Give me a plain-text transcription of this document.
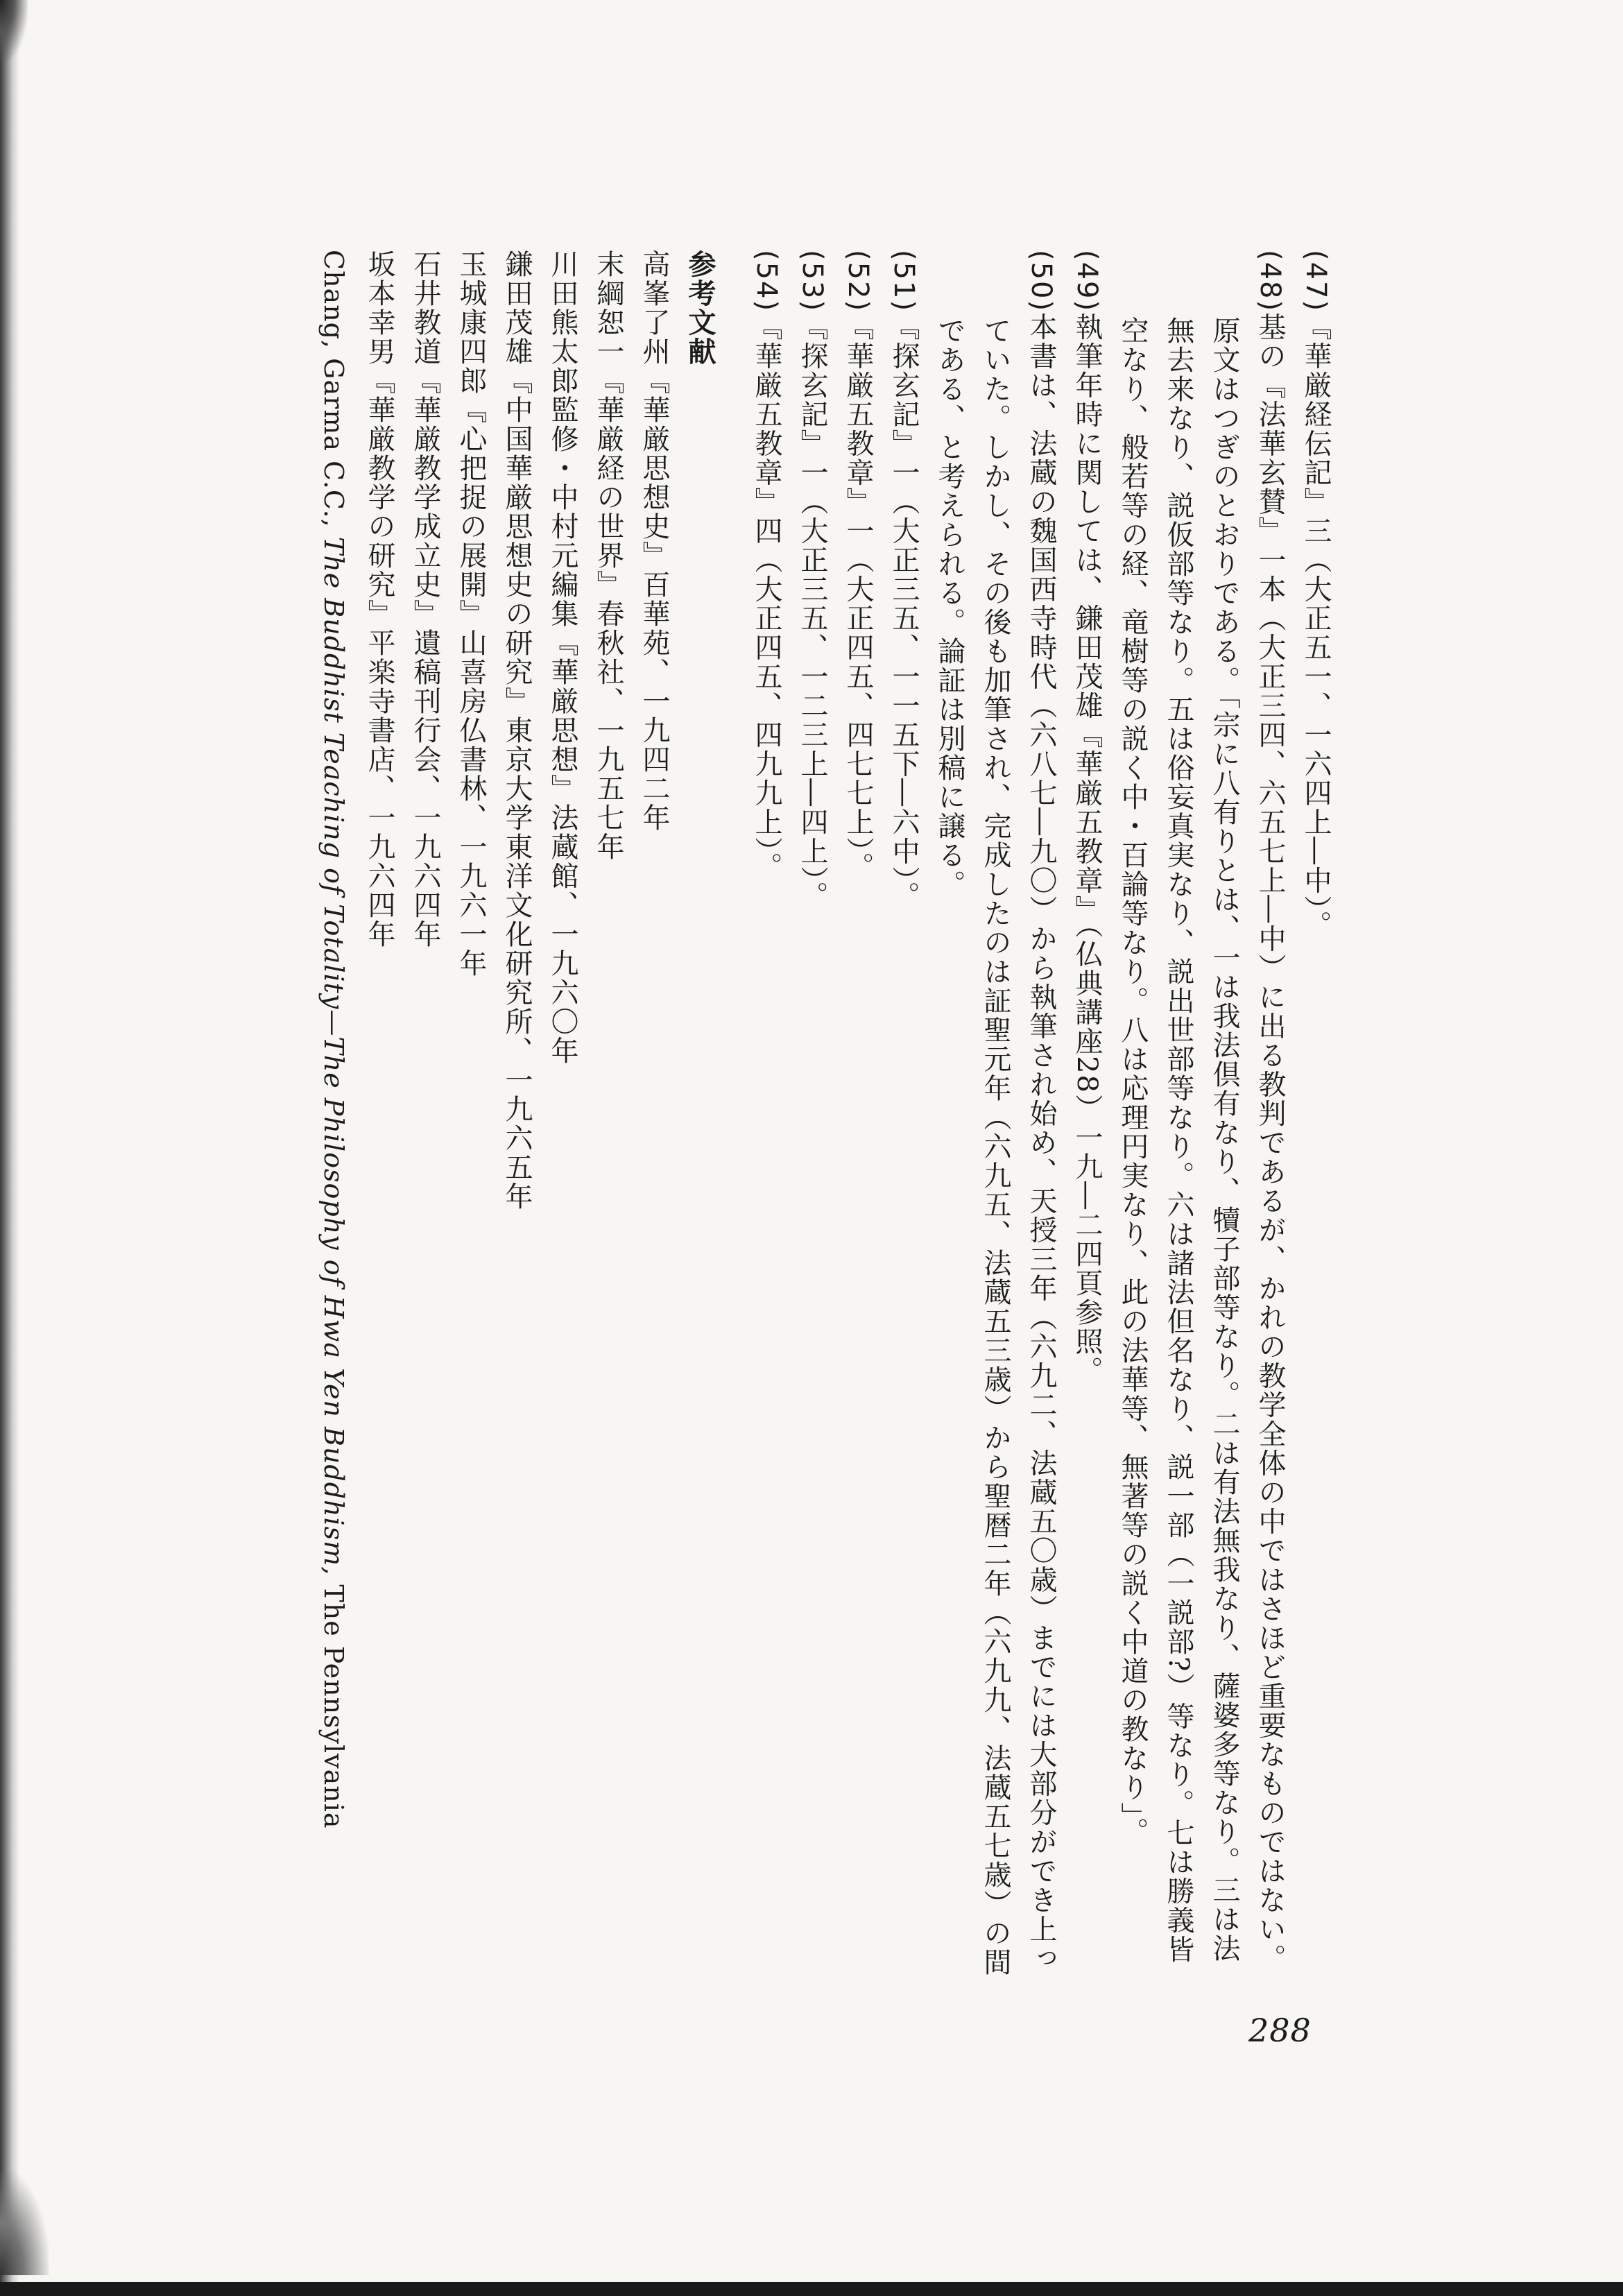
(47)『華厳経伝記』三（大正五一、一六四上―中）。

(48)基の『法華玄賛』一本（大正三四、六五七上―中）に出る教判であるが、かれの教学全体の中ではさほど重要なものではない。原文はつぎのとおりである。「宗に八有りとは、一は我法倶有なり、犢子部等なり。二は有法無我なり、薩婆多等なり。三は法無去来なり、説仮部等なり。五は俗妄真実なり、説出世部等なり。六は諸法但名なり、説一部（一説部?）等なり。七は勝義皆空なり、般若等の経、竜樹等の説く中・百論等なり。八は応理円実なり、此の法華等、無著等の説く中道の教なり」。

(49)執筆年時に関しては、鎌田茂雄『華厳五教章』（仏典講座28）一九―二四頁参照。

(50)本書は、法蔵の魏国西寺時代（六八七―九〇）から執筆され始め、天授三年（六九二、法蔵五〇歳）までには大部分ができ上っていた。しかし、その後も加筆され、完成したのは証聖元年（六九五、法蔵五三歳）から聖暦二年（六九九、法蔵五七歳）の間である、と考えられる。論証は別稿に譲る。

(51)『探玄記』一（大正三五、一一五下―六中）。

(52)『華厳五教章』一（大正四五、四七七上）。

(53)『探玄記』一（大正三五、一二三上―四上）。

(54)『華厳五教章』四（大正四五、四九九上）。

参考文献

高峯了州『華厳思想史』百華苑、一九四二年

末綱恕一『華厳経の世界』春秋社、一九五七年

川田熊太郎監修・中村元編集『華厳思想』法蔵館、一九六〇年

鎌田茂雄『中国華厳思想史の研究』東京大学東洋文化研究所、一九六五年

玉城康四郎『心把捉の展開』山喜房仏書林、一九六一年

石井教道『華厳教学成立史』遺稿刊行会、一九六四年

坂本幸男『華厳教学の研究』平楽寺書店、一九六四年

Chang, Garma C.C., The Buddhist Teaching of Totality—The Philosophy of Hwa Yen Buddhism, The Pennsylvania

288
